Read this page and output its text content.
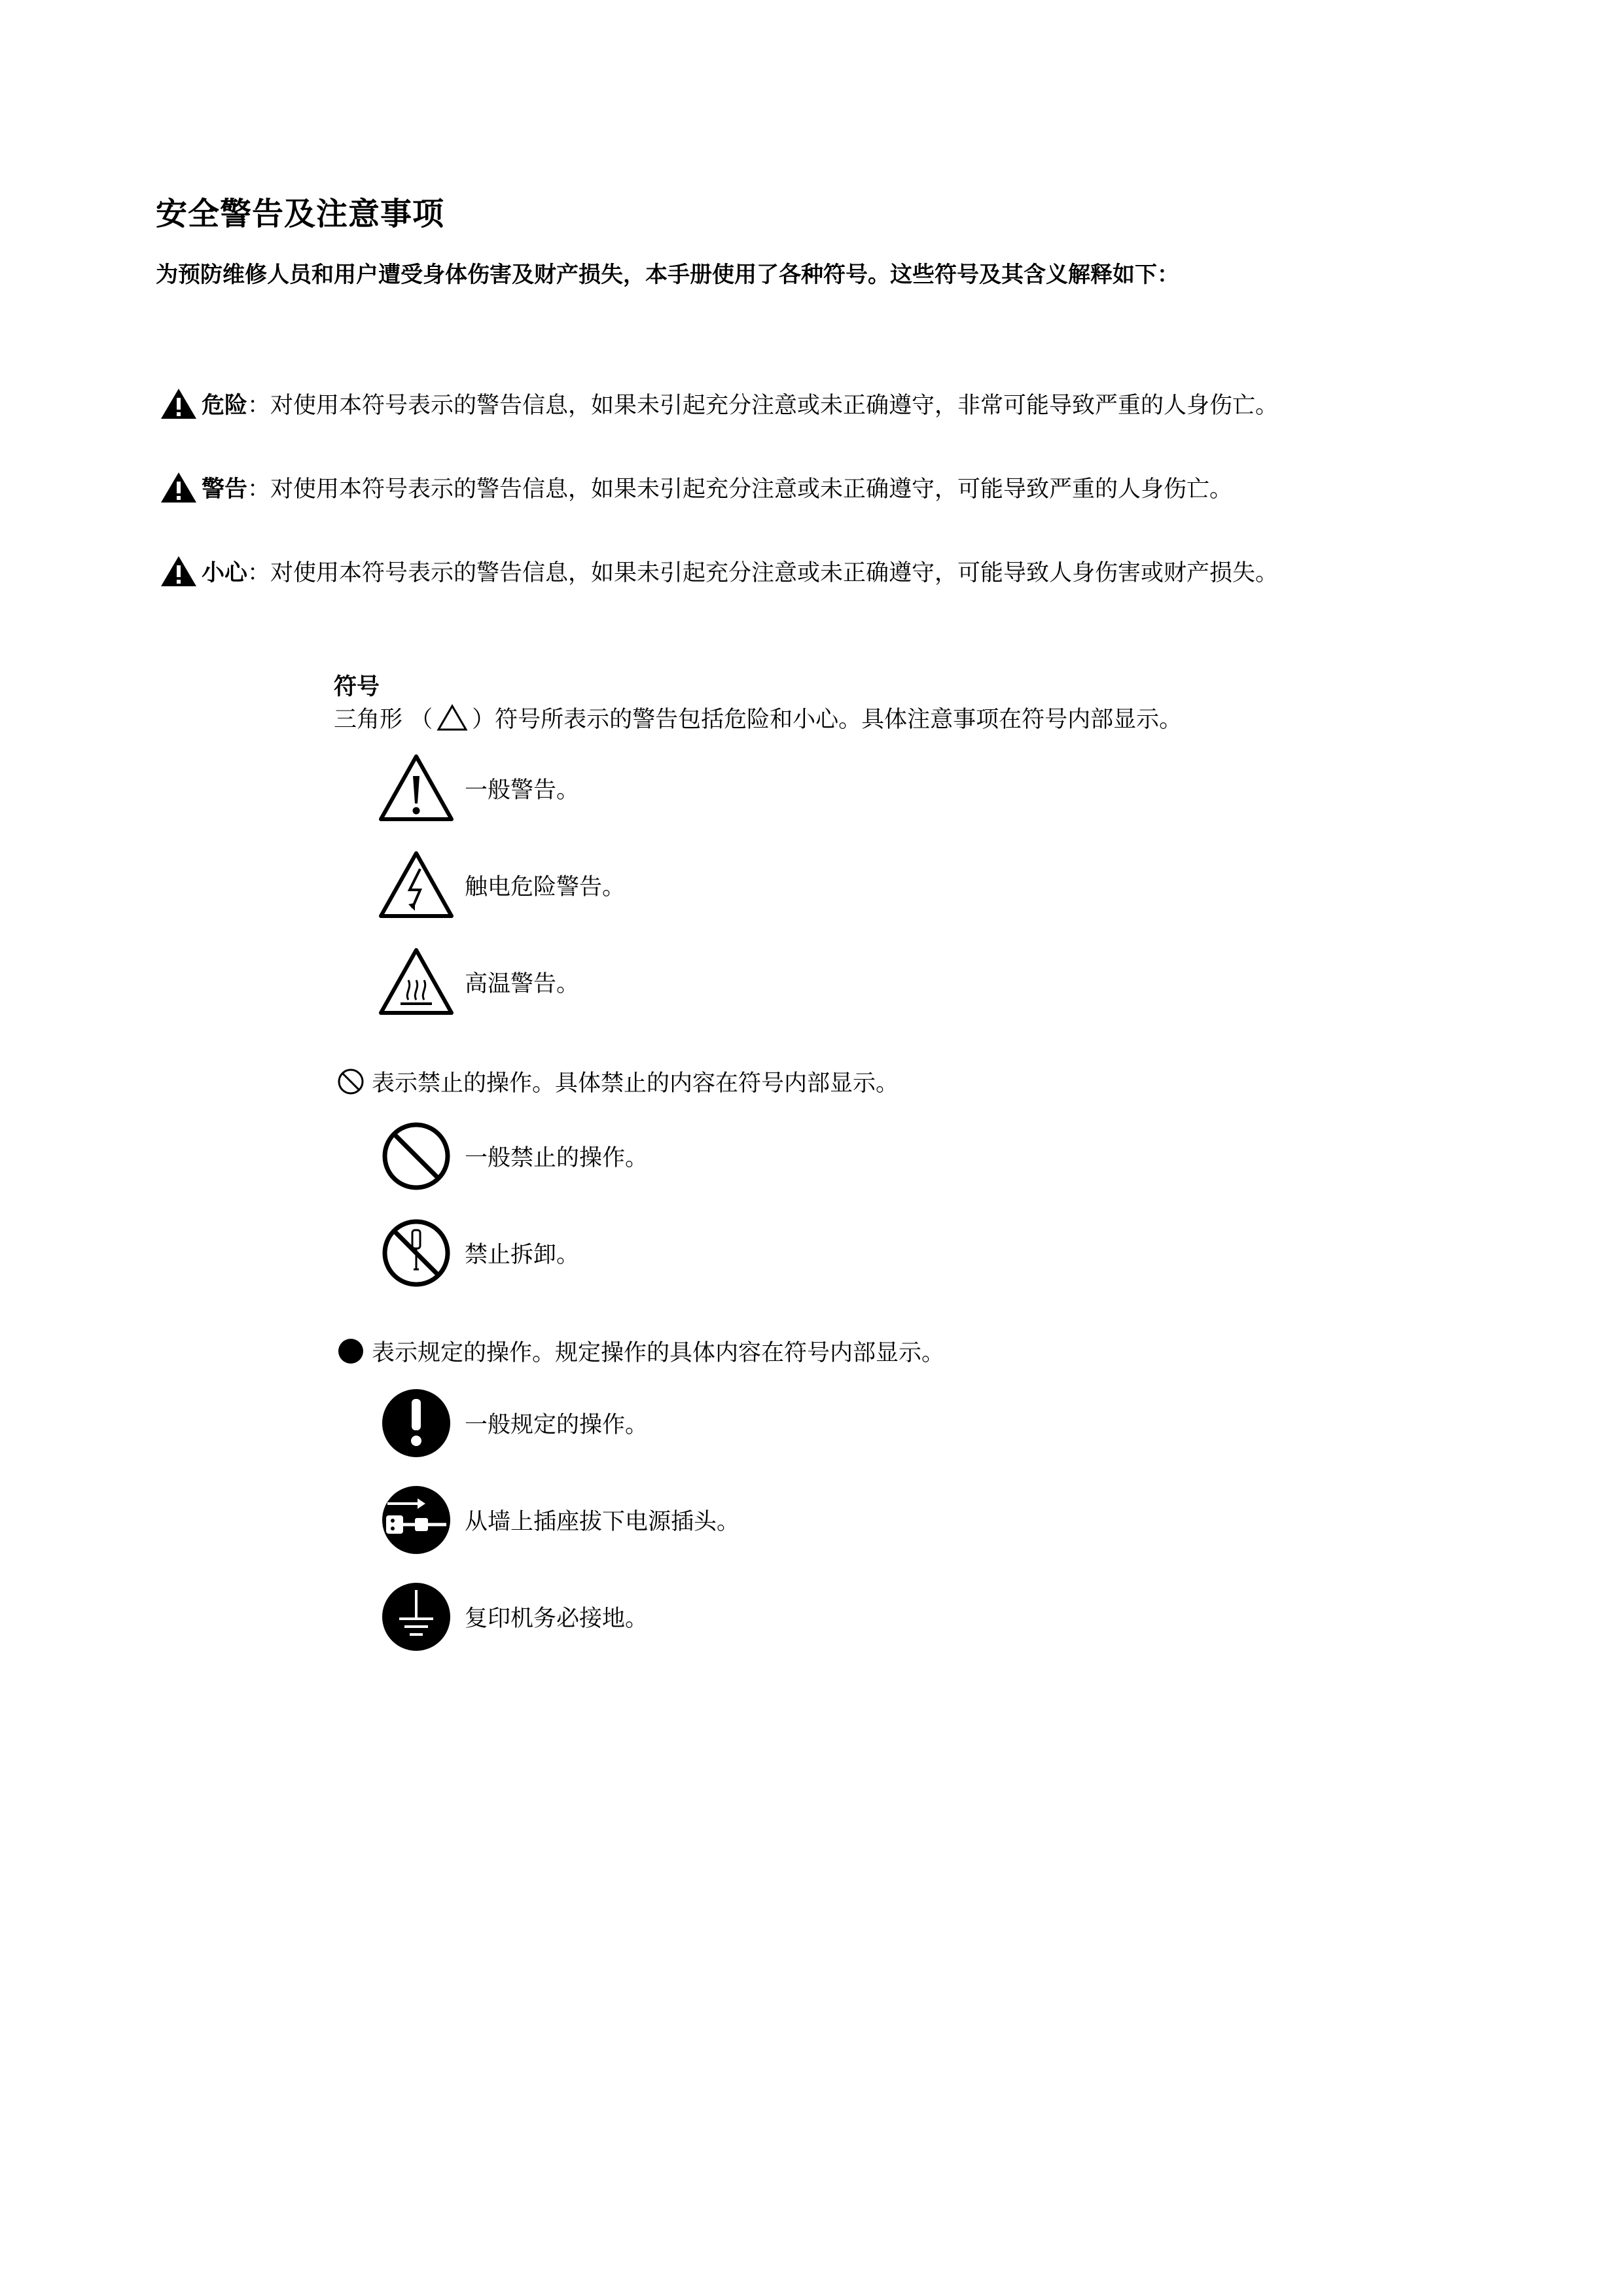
安全警告及注意事项
为预防维修人员和用户遭受身体伤害及财产损失，本手册使用了各种符号。这些符号及其含义解释如下：
危险 ： 对使用本符号表示的警告信息，如果未引起充分注意或未正确遵守，非常可能导致严重的人身伤亡。
警告 ： 对使用本符号表示的警告信息，如果未引起充分注意或未正确遵守，可能导致严重的人身伤亡。
小心 ： 对使用本符号表示的警告信息，如果未引起充分注意或未正确遵守，可能导致人身伤害或财产损失。
符号
三角形 （ ）符号所表示的警告包括危险和小心。具体注意事项在符号内部显示。
一般警告。
触电危险警告。
高温警告。
表示禁止的操作。具体禁止的内容在符号内部显示。
一般禁止的操作。
禁止拆卸。
表示规定的操作。规定操作的具体内容在符号内部显示。
一般规定的操作。
从墙上插座拔下电源插头。
复印机务必接地。
